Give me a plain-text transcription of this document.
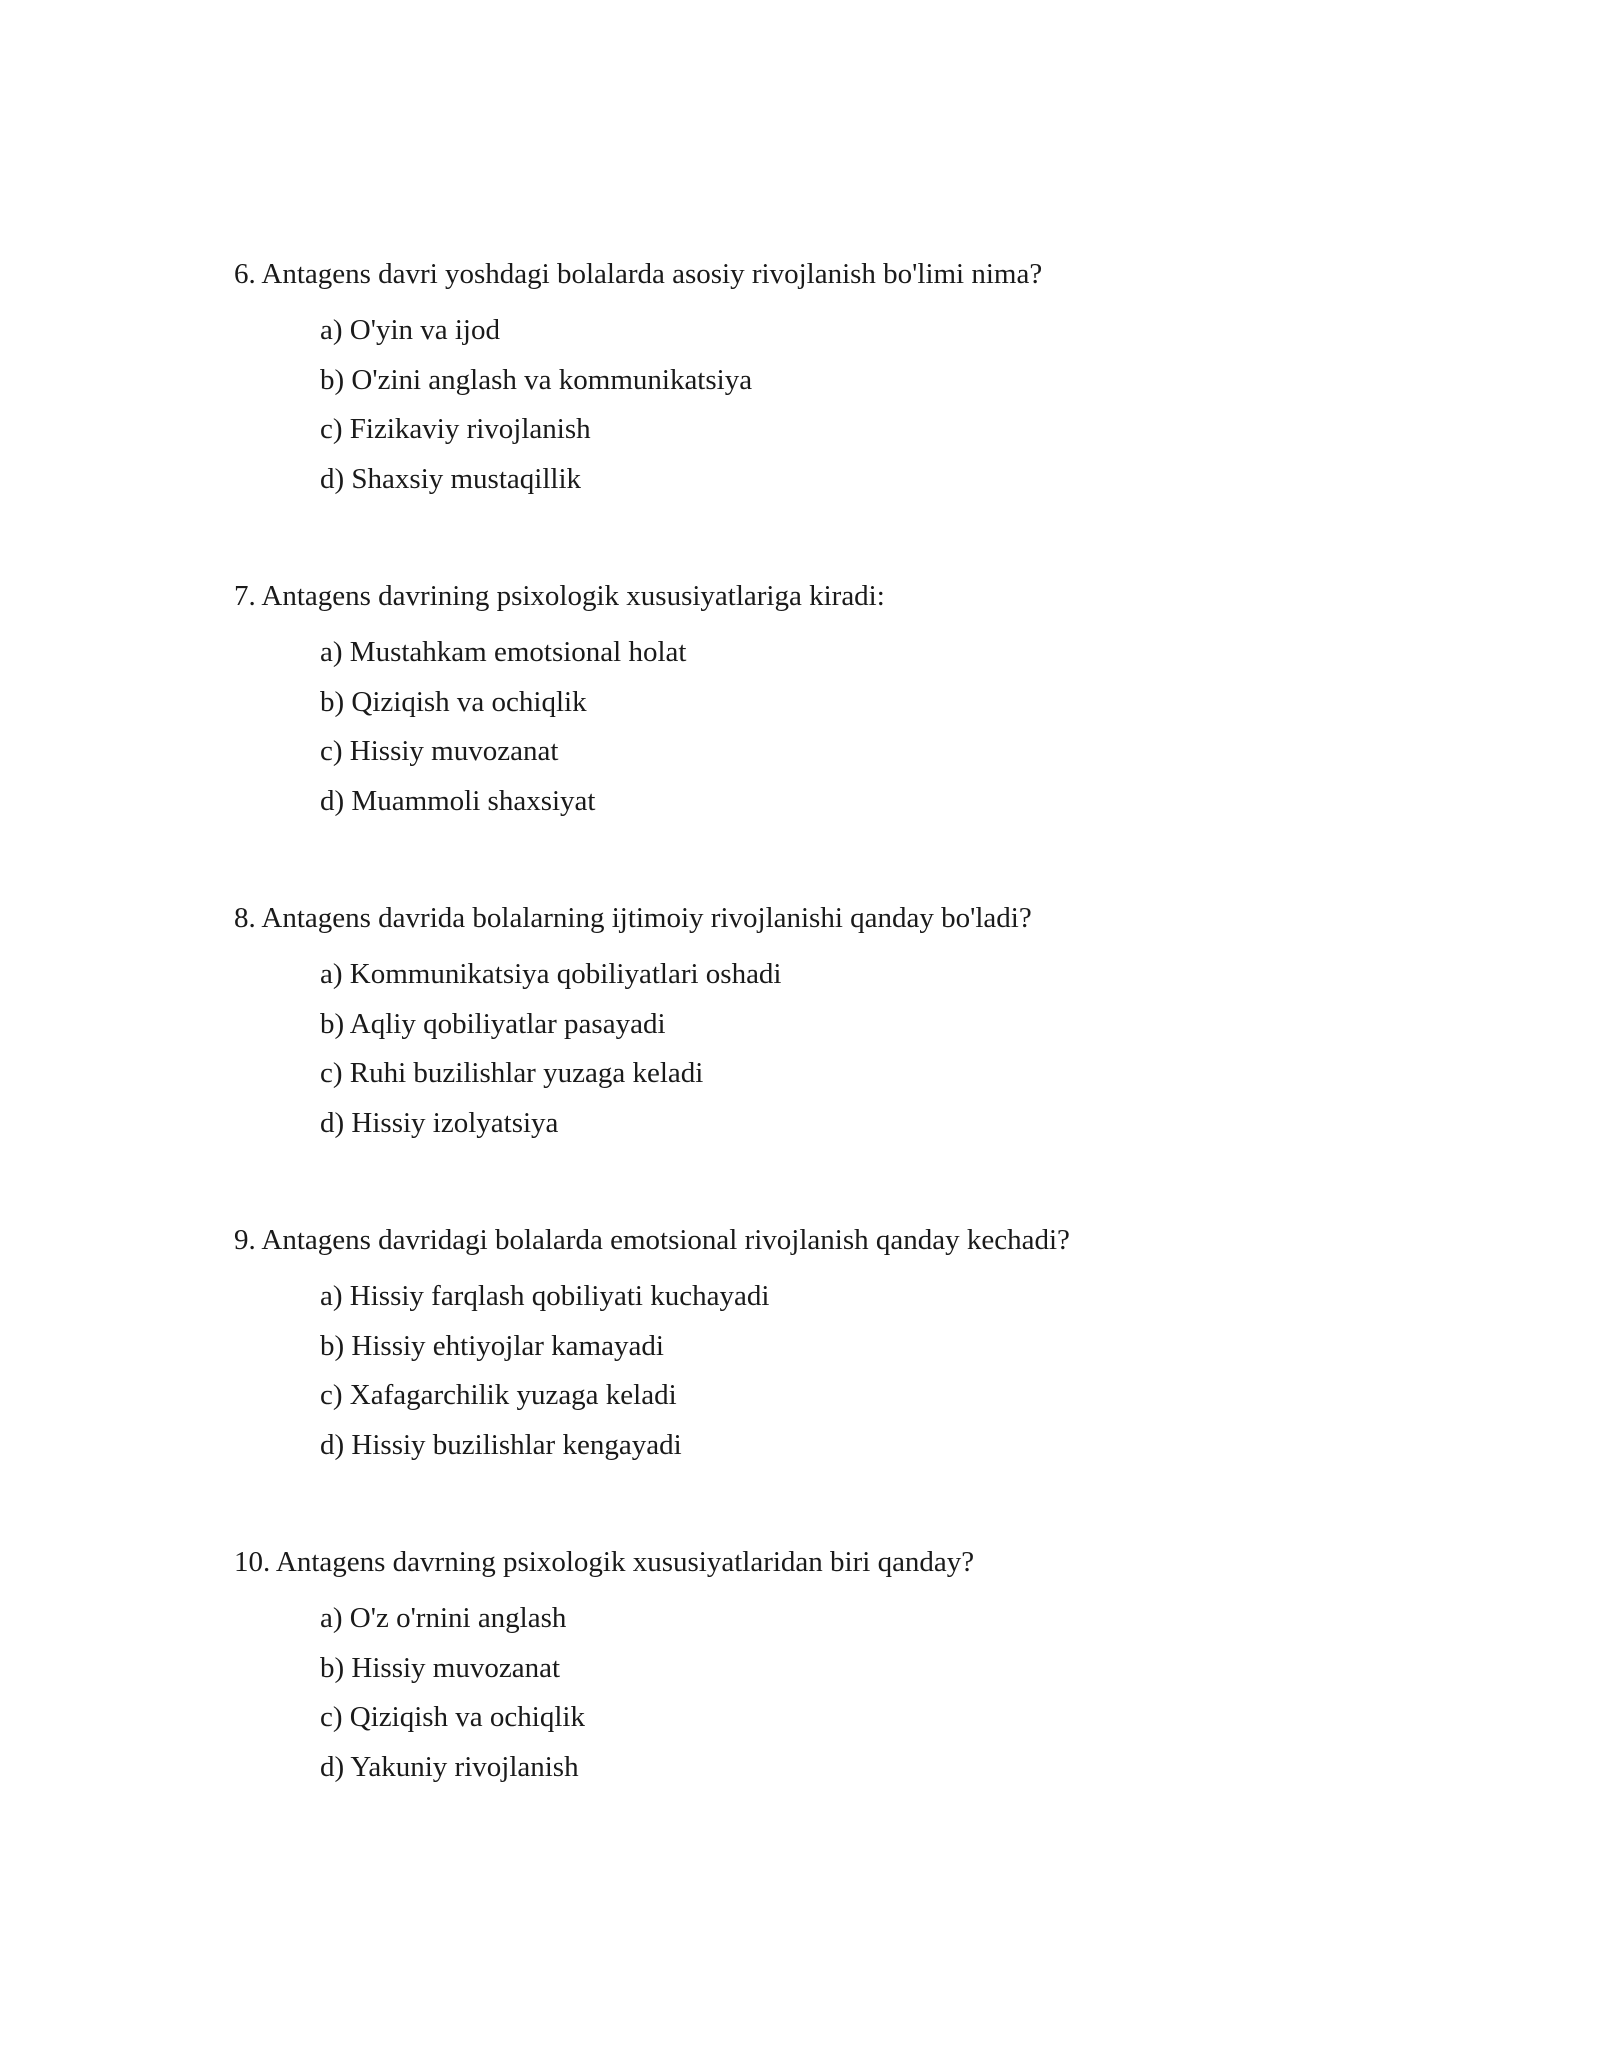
6. Antagens davri yoshdagi bolalarda asosiy rivojlanish bo'limi nima?

a) O'yin va ijod
b) O'zini anglash va kommunikatsiya
c) Fizikaviy rivojlanish
d) Shaxsiy mustaqillik

7. Antagens davrining psixologik xususiyatlariga kiradi:

a) Mustahkam emotsional holat
b) Qiziqish va ochiqlik
c) Hissiy muvozanat
d) Muammoli shaxsiyat

8. Antagens davrida bolalarning ijtimoiy rivojlanishi qanday bo'ladi?

a) Kommunikatsiya qobiliyatlari oshadi
b) Aqliy qobiliyatlar pasayadi
c) Ruhi buzilishlar yuzaga keladi
d) Hissiy izolyatsiya

9. Antagens davridagi bolalarda emotsional rivojlanish qanday kechadi?

a) Hissiy farqlash qobiliyati kuchayadi
b) Hissiy ehtiyojlar kamayadi
c) Xafagarchilik yuzaga keladi
d) Hissiy buzilishlar kengayadi

10. Antagens davrning psixologik xususiyatlaridan biri qanday?

a) O'z o'rnini anglash
b) Hissiy muvozanat
c) Qiziqish va ochiqlik
d) Yakuniy rivojlanish
